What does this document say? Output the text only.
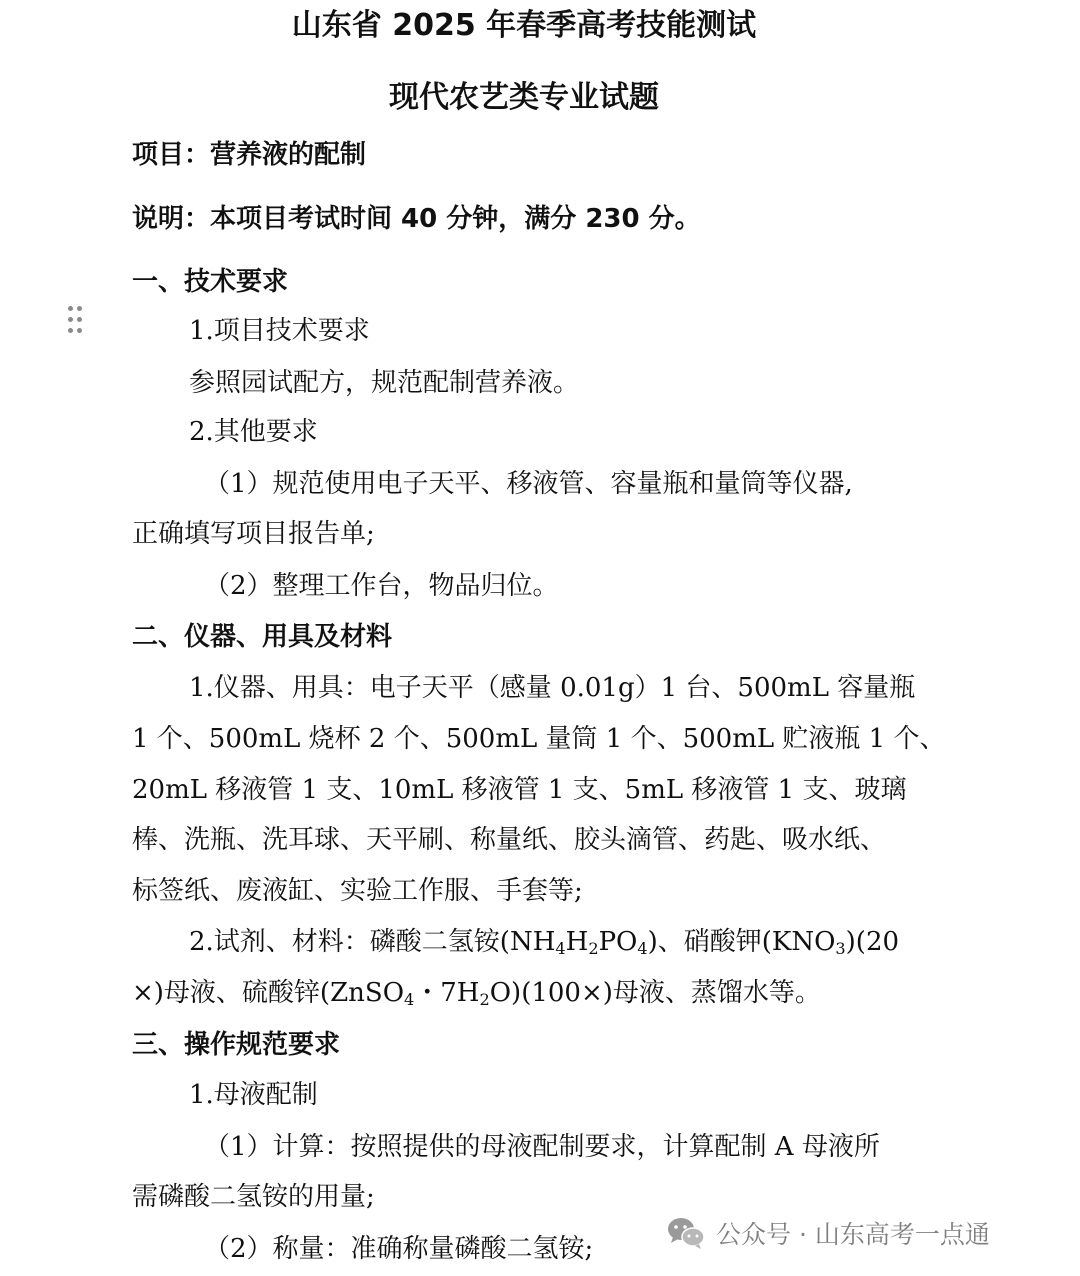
山东省 2025 年春季高考技能测试
现代农艺类专业试题
项目：营养液的配制
说明：本项目考试时间 40 分钟，满分 230 分。
一、技术要求
1.项目技术要求
参照园试配方，规范配制营养液。
2.其他要求
（1）规范使用电子天平、移液管、容量瓶和量筒等仪器,
正确填写项目报告单;
（2）整理工作台，物品归位。
二、仪器、用具及材料
1.仪器、用具：电子天平（感量 0.01g）1 台、500mL 容量瓶
1 个、500mL 烧杯 2 个、500mL 量筒 1 个、500mL 贮液瓶 1 个、
20mL 移液管 1 支、10mL 移液管 1 支、5mL 移液管 1 支、玻璃
棒、洗瓶、洗耳球、天平刷、称量纸、胶头滴管、药匙、吸水纸、
标签纸、废液缸、实验工作服、手套等;
2.试剂、材料：磷酸二氢铵$(NH_4H_2PO_4)$、硝酸钾$(KNO_3)(20$
×)母液、硫酸锌(ZnSO$_4$・$7H_2O)(100\times)$母液、蒸馏水等。
三、操作规范要求
1.母液配制
（1）计算：按照提供的母液配制要求，计算配制 A 母液所
需磷酸二氢铵的用量;
（2）称量：准确称量磷酸二氢铵;	公众号 · 山东高考一点通
